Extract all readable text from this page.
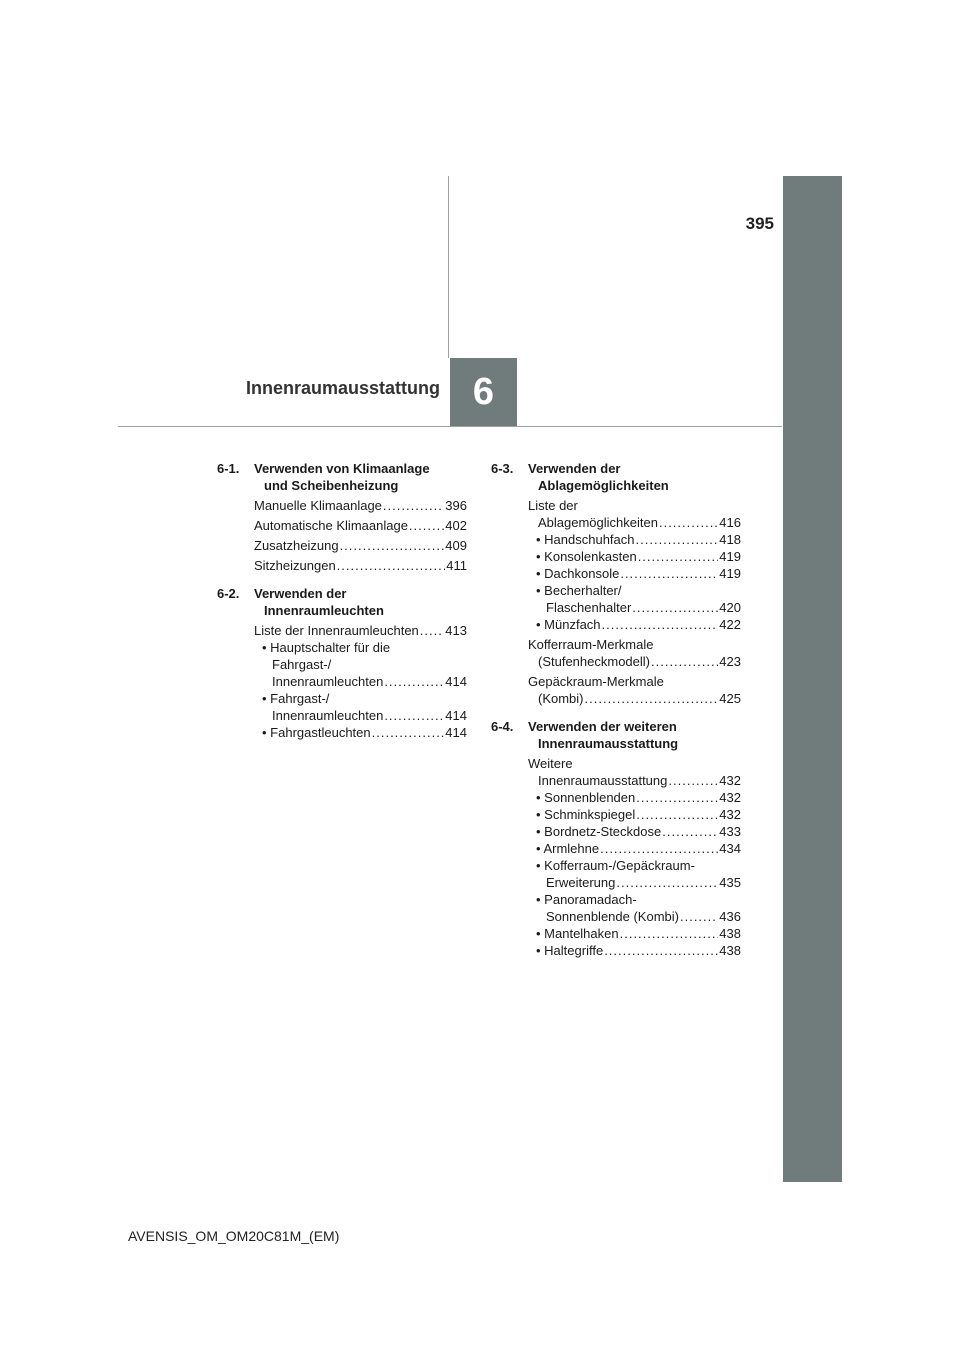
395
6
Innenraumausstattung
6-1.	Verwenden von Klimaanlage
und Scheibenheizung
Manuelle Klimaanlage .....	396
Automatische Klimaanlage .....	402
Zusatzheizung .....	409
Sitzheizungen .....	411
6-2.	Verwenden der
Innenraumleuchten
Liste der Innenraumleuchten ..... 413
• Hauptschalter für die
Fahrgast-/
Innenraumleuchten .....	414
• Fahrgast-/
Innenraumleuchten .....	414
• Fahrgastleuchten .....	414
6-3.	Verwenden der
Ablagemöglichkeiten
Liste der
Ablagemöglichkeiten .....	416
• Handschuhfach .....	418
• Konsolenkasten .....	419
• Dachkonsole .....	419
• Becherhalter/
Flaschenhalter .....	420
• Münzfach .....	422
Kofferraum-Merkmale
(Stufenheckmodell) .....	423
Gepäckraum-Merkmale
(Kombi) .....	425
6-4.	Verwenden der weiteren
Innenraumausstattung
Weitere
Innenraumausstattung .....	432
• Sonnenblenden .....	432
• Schminkspiegel .....	432
• Bordnetz-Steckdose .....	433
• Armlehne .....	434
• Kofferraum-/Gepäckraum-
Erweiterung .....	435
• Panoramadach-
Sonnenblende (Kombi) .....	436
• Mantelhaken .....	438
• Haltegriffe .....	438
AVENSIS_OM_OM20C81M_(EM)
